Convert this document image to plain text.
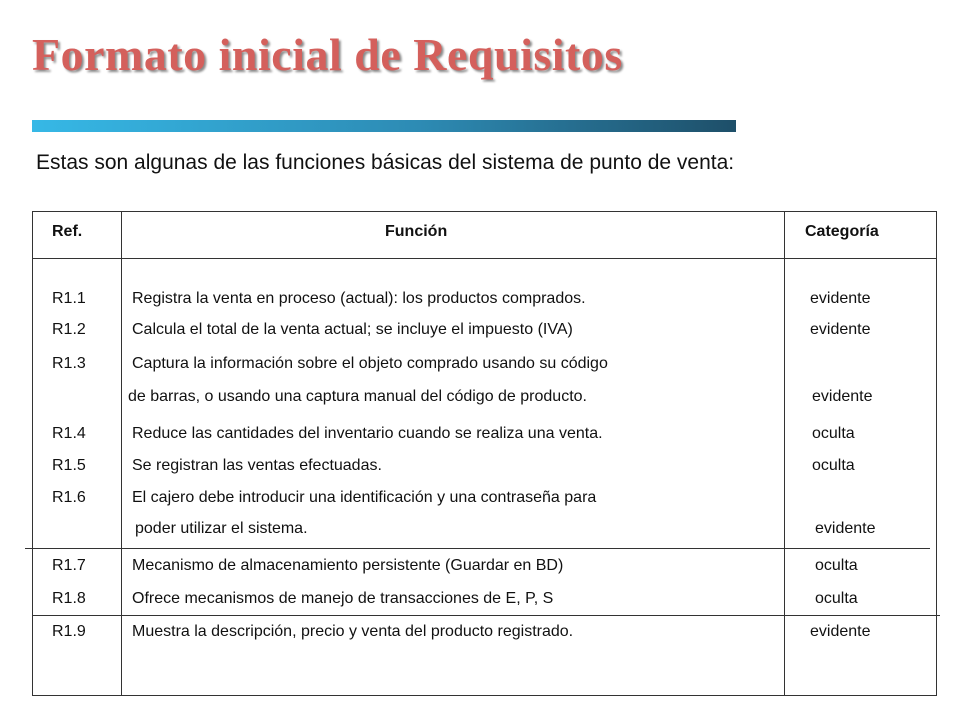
Formato inicial de Requisitos

Estas son algunas de las funciones básicas del sistema de punto de venta:

Ref.	Función	Categoría
R1.1	Registra la venta en proceso (actual): los productos comprados.	evidente
R1.2	Calcula el total de la venta actual; se incluye el impuesto (IVA)	evidente
R1.3	Captura la información sobre el objeto comprado usando su código
de barras, o usando una captura manual del código de producto.	evidente
R1.4	Reduce las cantidades del inventario cuando se realiza una venta.	oculta
R1.5	Se registran las ventas efectuadas.	oculta
R1.6	El cajero debe introducir una identificación y una contraseña para
poder utilizar el sistema.	evidente
R1.7	Mecanismo de almacenamiento persistente (Guardar en BD)	oculta
R1.8	Ofrece mecanismos de manejo de transacciones de E, P, S	oculta
R1.9	Muestra la descripción, precio y venta del producto registrado.	evidente
